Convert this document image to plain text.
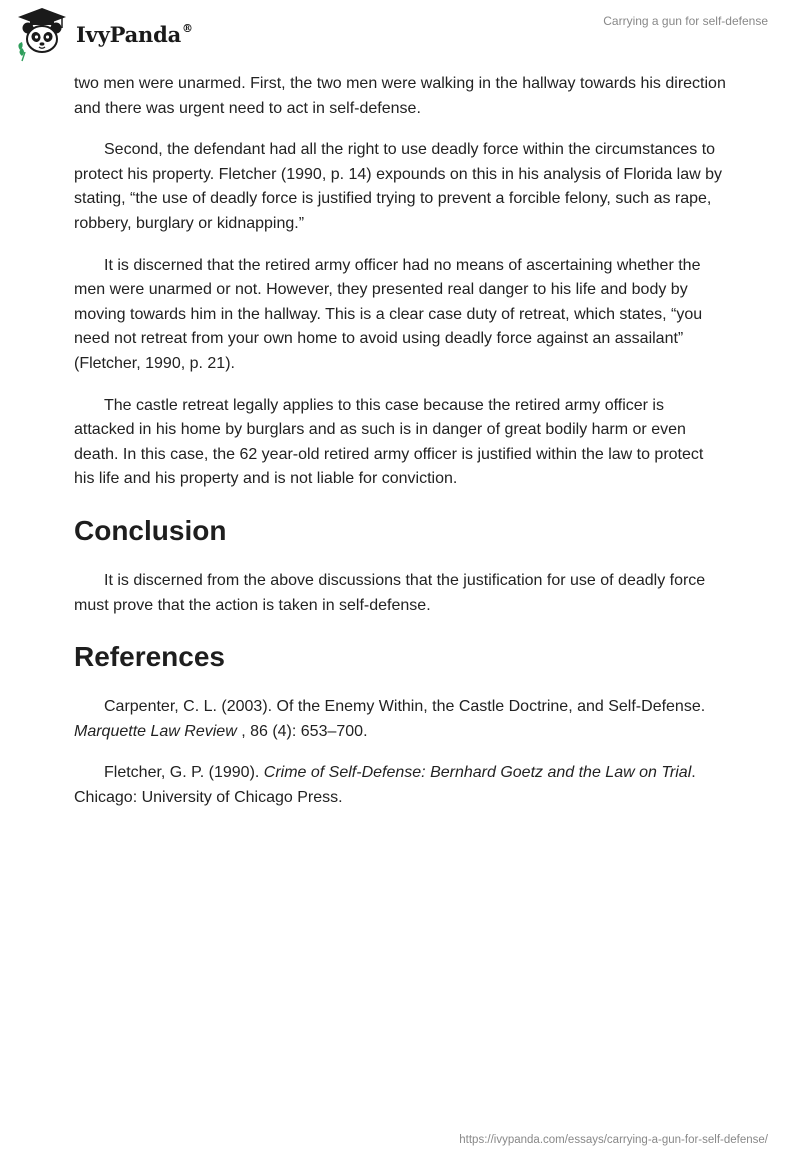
IvyPanda®	Carrying a gun for self-defense

two men were unarmed. First, the two men were walking in the hallway towards his direction and there was urgent need to act in self-defense.

Second, the defendant had all the right to use deadly force within the circumstances to protect his property. Fletcher (1990, p. 14) expounds on this in his analysis of Florida law by stating, “the use of deadly force is justified trying to prevent a forcible felony, such as rape, robbery, burglary or kidnapping.”

It is discerned that the retired army officer had no means of ascertaining whether the men were unarmed or not. However, they presented real danger to his life and body by moving towards him in the hallway. This is a clear case duty of retreat, which states, “you need not retreat from your own home to avoid using deadly force against an assailant” (Fletcher, 1990, p. 21).

The castle retreat legally applies to this case because the retired army officer is attacked in his home by burglars and as such is in danger of great bodily harm or even death. In this case, the 62 year-old retired army officer is justified within the law to protect his life and his property and is not liable for conviction.

Conclusion

It is discerned from the above discussions that the justification for use of deadly force must prove that the action is taken in self-defense.

References

Carpenter, C. L. (2003). Of the Enemy Within, the Castle Doctrine, and Self-Defense. Marquette Law Review , 86 (4): 653–700.

Fletcher, G. P. (1990). Crime of Self-Defense: Bernhard Goetz and the Law on Trial. Chicago: University of Chicago Press.

https://ivypanda.com/essays/carrying-a-gun-for-self-defense/
